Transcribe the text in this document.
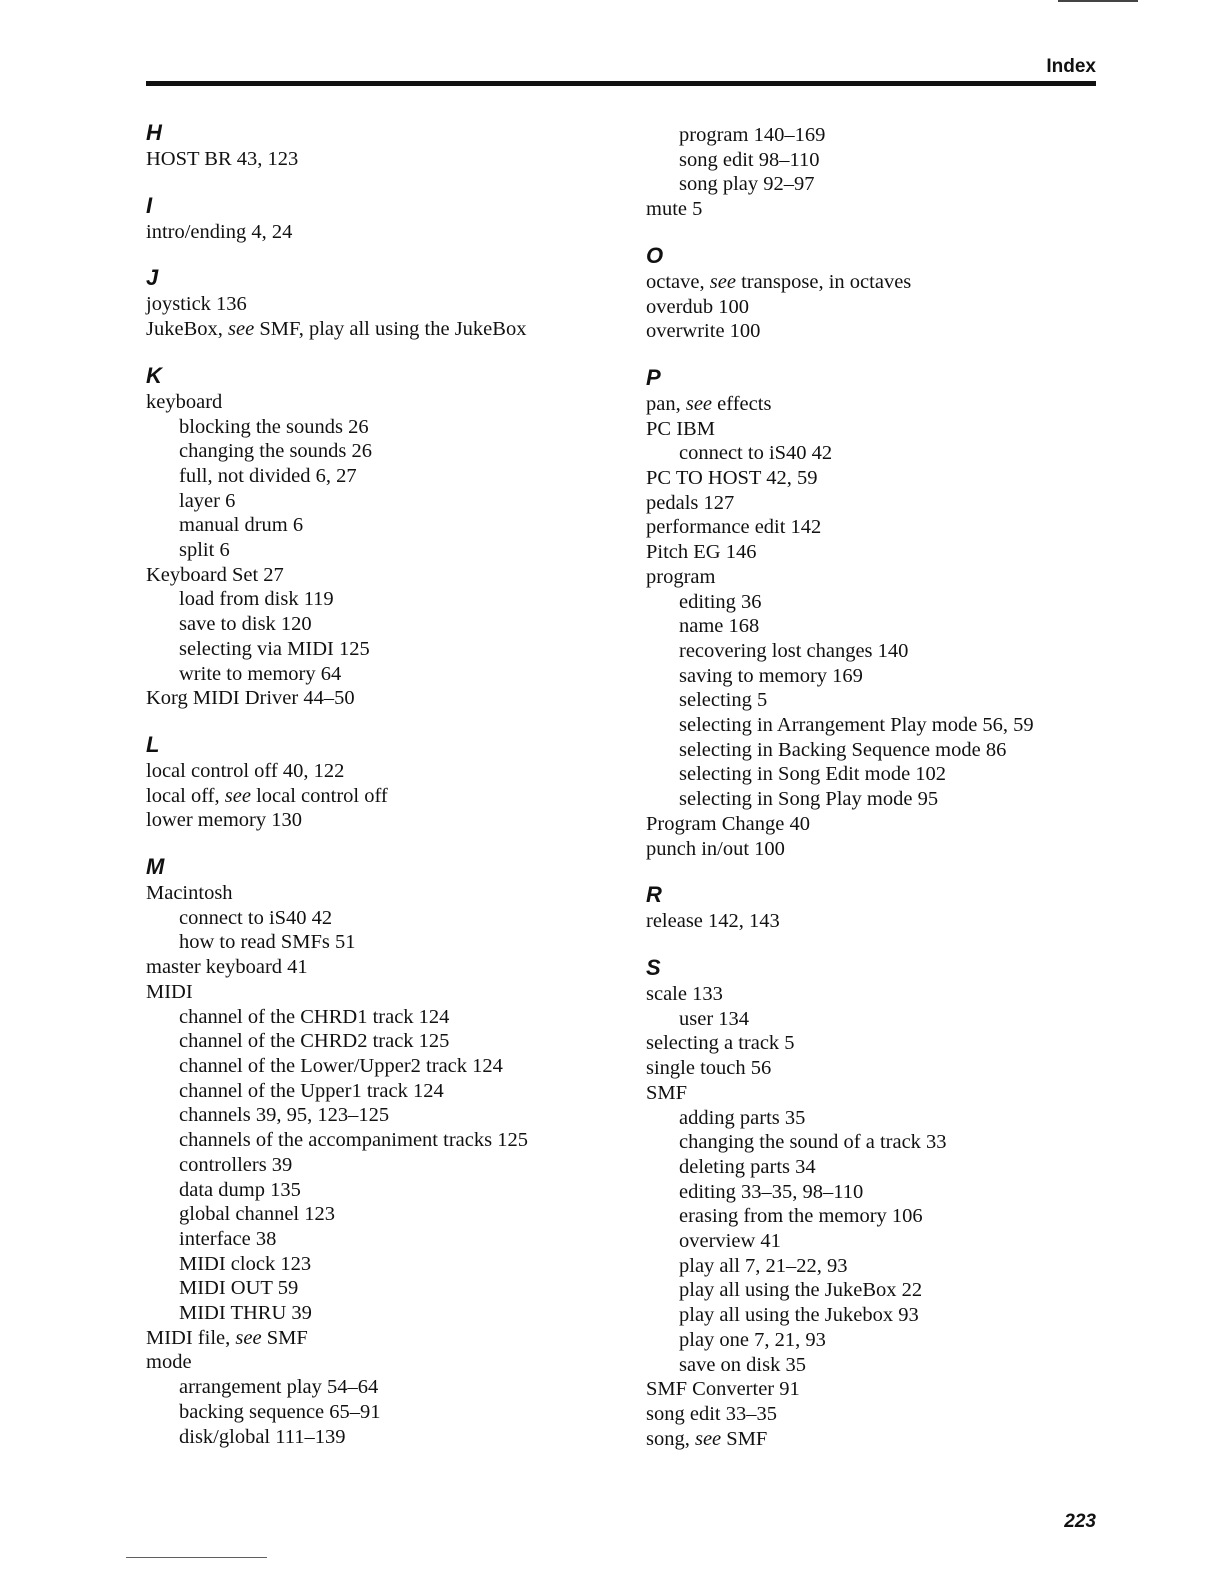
Index
H
HOST BR 43, 123
I
intro/ending 4, 24
J
joystick 136
JukeBox, see SMF, play all using the JukeBox
K
keyboard
blocking the sounds 26
changing the sounds 26
full, not divided 6, 27
layer 6
manual drum 6
split 6
Keyboard Set 27
load from disk 119
save to disk 120
selecting via MIDI 125
write to memory 64
Korg MIDI Driver 44–50
L
local control off 40, 122
local off, see local control off
lower memory 130
M
Macintosh
connect to iS40 42
how to read SMFs 51
master keyboard 41
MIDI
channel of the CHRD1 track 124
channel of the CHRD2 track 125
channel of the Lower/Upper2 track 124
channel of the Upper1 track 124
channels 39, 95, 123–125
channels of the accompaniment tracks 125
controllers 39
data dump 135
global channel 123
interface 38
MIDI clock 123
MIDI OUT 59
MIDI THRU 39
MIDI file, see SMF
mode
arrangement play 54–64
backing sequence 65–91
disk/global 111–139
program 140–169
song edit 98–110
song play 92–97
mute 5
O
octave, see transpose, in octaves
overdub 100
overwrite 100
P
pan, see effects
PC IBM
connect to iS40 42
PC TO HOST 42, 59
pedals 127
performance edit 142
Pitch EG 146
program
editing 36
name 168
recovering lost changes 140
saving to memory 169
selecting 5
selecting in Arrangement Play mode 56, 59
selecting in Backing Sequence mode 86
selecting in Song Edit mode 102
selecting in Song Play mode 95
Program Change 40
punch in/out 100
R
release 142, 143
S
scale 133
user 134
selecting a track 5
single touch 56
SMF
adding parts 35
changing the sound of a track 33
deleting parts 34
editing 33–35, 98–110
erasing from the memory 106
overview 41
play all 7, 21–22, 93
play all using the JukeBox 22
play all using the Jukebox 93
play one 7, 21, 93
save on disk 35
SMF Converter 91
song edit 33–35
song, see SMF
223
